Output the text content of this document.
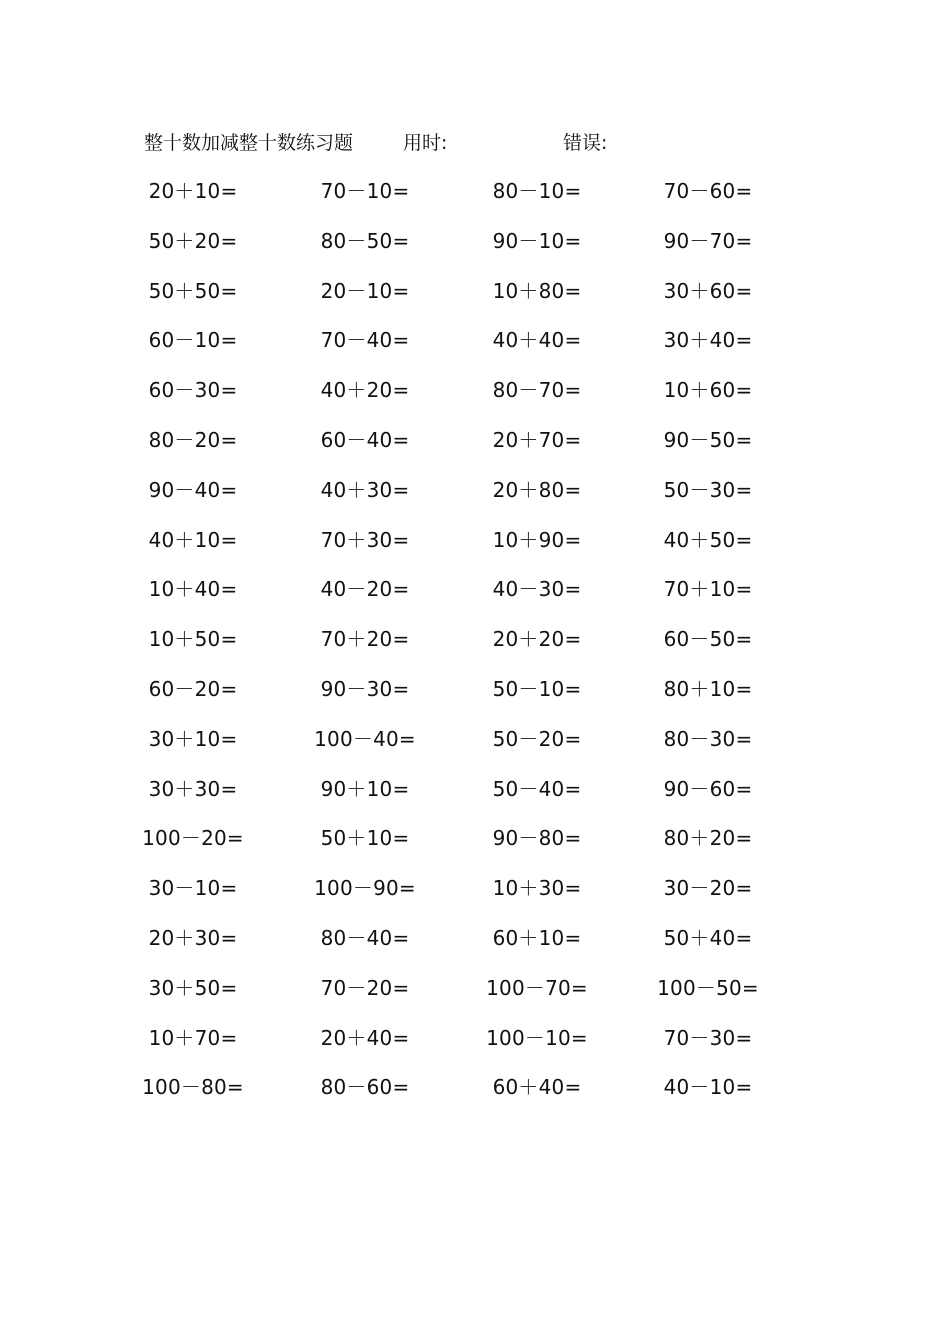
整十数加减整十数练习题	用时:	错误:
20＋10=	70－10=	80－10=	70－60=
50＋20=	80－50=	90－10=	90－70=
50＋50=	20－10=	10＋80=	30＋60=
60－10=	70－40=	40＋40=	30＋40=
60－30=	40＋20=	80－70=	10＋60=
80－20=	60－40=	20＋70=	90－50=
90－40=	40＋30=	20＋80=	50－30=
40＋10=	70＋30=	10＋90=	40＋50=
10＋40=	40－20=	40－30=	70＋10=
10＋50=	70＋20=	20＋20=	60－50=
60－20=	90－30=	50－10=	80＋10=
30＋10=	100－40=	50－20=	80－30=
30＋30=	90＋10=	50－40=	90－60=
100－20=	50＋10=	90－80=	80＋20=
30－10=	100－90=	10＋30=	30－20=
20＋30=	80－40=	60＋10=	50＋40=
30＋50=	70－20=	100－70=	100－50=
10＋70=	20＋40=	100－10=	70－30=
100－80=	80－60=	60＋40=	40－10=
